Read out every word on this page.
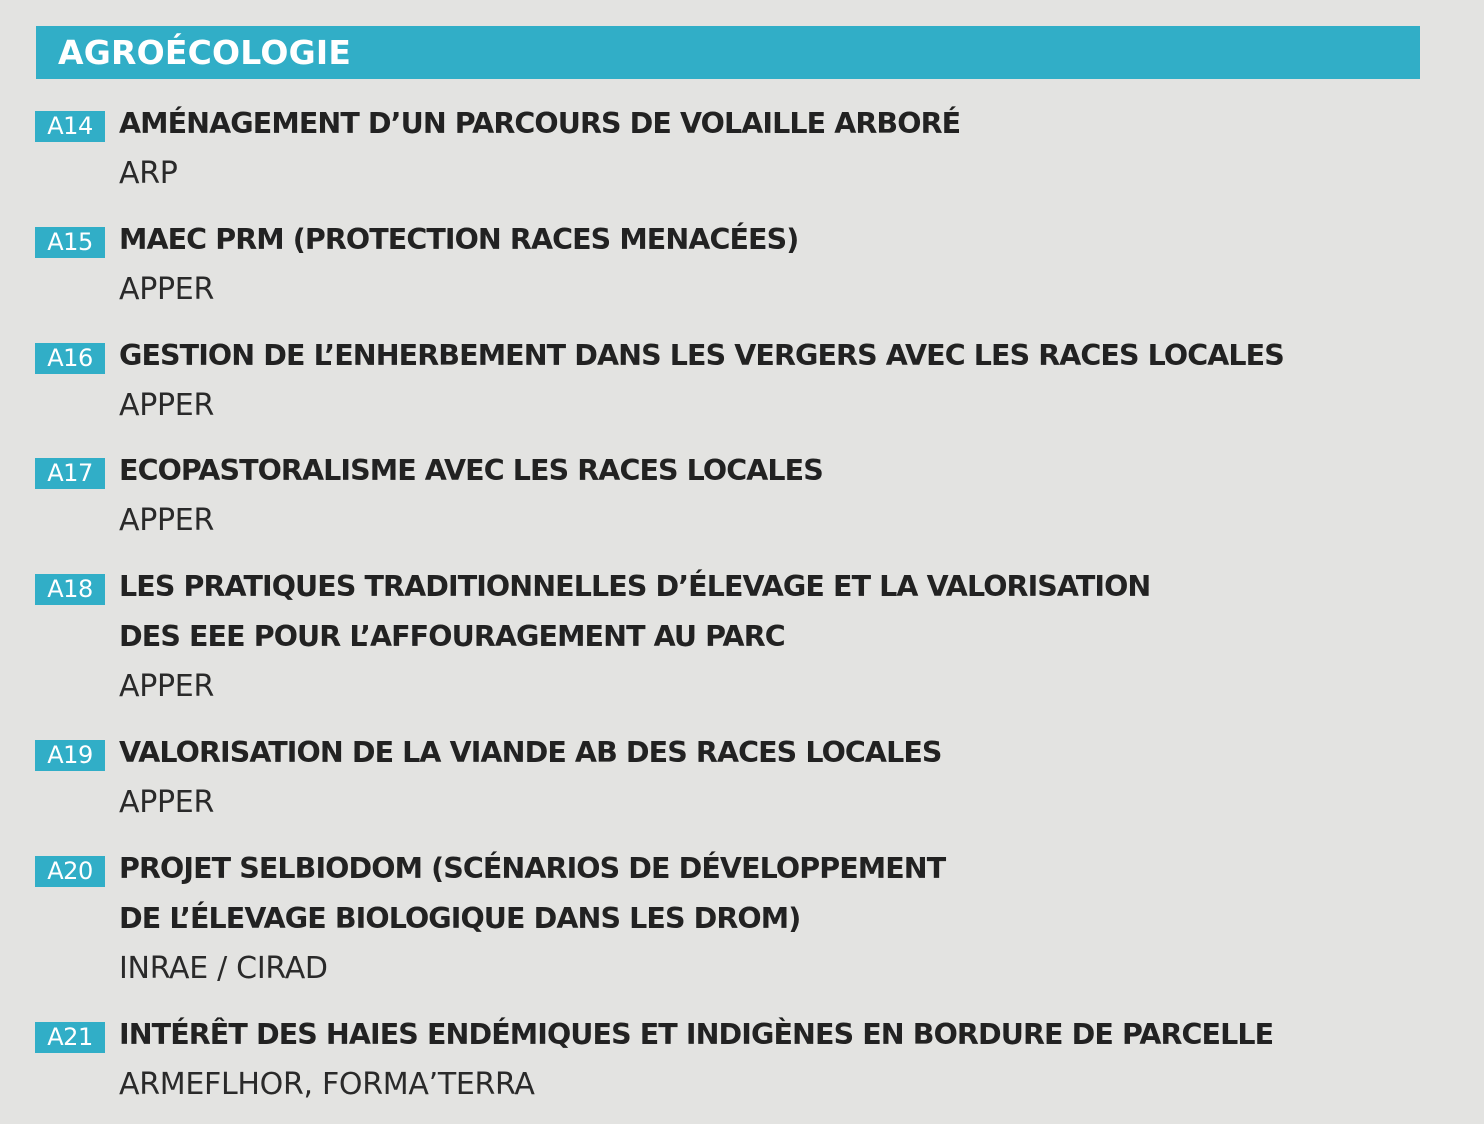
AGROÉCOLOGIE
A14 AMÉNAGEMENT D’UN PARCOURS DE VOLAILLE ARBORÉ
ARP
A15 MAEC PRM (PROTECTION RACES MENACÉES)
APPER
A16 GESTION DE L’ENHERBEMENT DANS LES VERGERS AVEC LES RACES LOCALES
APPER
A17 ECOPASTORALISME AVEC LES RACES LOCALES
APPER
A18 LES PRATIQUES TRADITIONNELLES D’ÉLEVAGE ET LA VALORISATION
DES EEE POUR L’AFFOURAGEMENT AU PARC
APPER
A19 VALORISATION DE LA VIANDE AB DES RACES LOCALES
APPER
A20 PROJET SELBIODOM (SCÉNARIOS DE DÉVELOPPEMENT
DE L’ÉLEVAGE BIOLOGIQUE DANS LES DROM)
INRAE / CIRAD
A21 INTÉRÊT DES HAIES ENDÉMIQUES ET INDIGÈNES EN BORDURE DE PARCELLE
ARMEFLHOR, FORMA’TERRA
